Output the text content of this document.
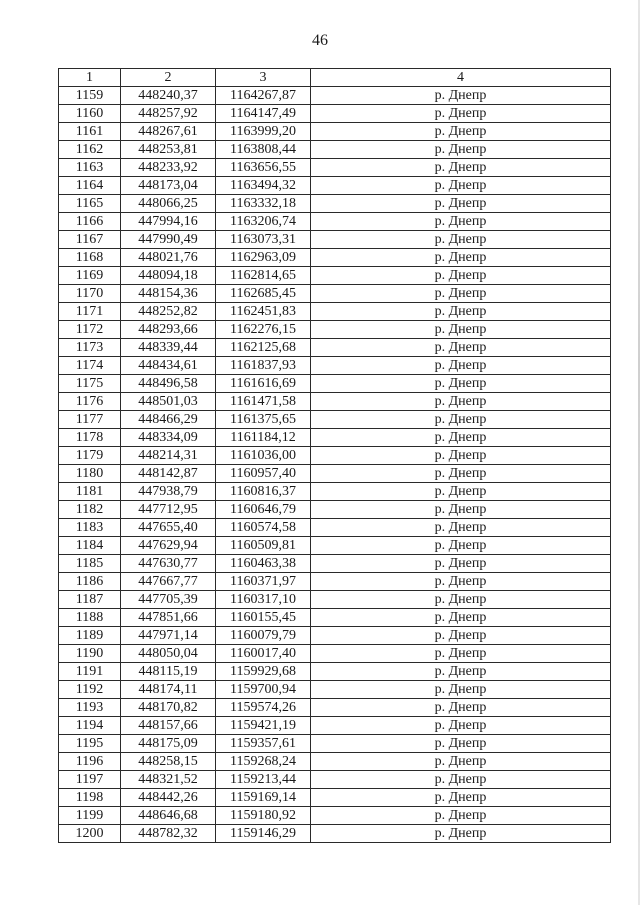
46
1	2	3	4
1159	448240,37	1164267,87	р. Днепр
1160	448257,92	1164147,49	р. Днепр
1161	448267,61	1163999,20	р. Днепр
1162	448253,81	1163808,44	р. Днепр
1163	448233,92	1163656,55	р. Днепр
1164	448173,04	1163494,32	р. Днепр
1165	448066,25	1163332,18	р. Днепр
1166	447994,16	1163206,74	р. Днепр
1167	447990,49	1163073,31	р. Днепр
1168	448021,76	1162963,09	р. Днепр
1169	448094,18	1162814,65	р. Днепр
1170	448154,36	1162685,45	р. Днепр
1171	448252,82	1162451,83	р. Днепр
1172	448293,66	1162276,15	р. Днепр
1173	448339,44	1162125,68	р. Днепр
1174	448434,61	1161837,93	р. Днепр
1175	448496,58	1161616,69	р. Днепр
1176	448501,03	1161471,58	р. Днепр
1177	448466,29	1161375,65	р. Днепр
1178	448334,09	1161184,12	р. Днепр
1179	448214,31	1161036,00	р. Днепр
1180	448142,87	1160957,40	р. Днепр
1181	447938,79	1160816,37	р. Днепр
1182	447712,95	1160646,79	р. Днепр
1183	447655,40	1160574,58	р. Днепр
1184	447629,94	1160509,81	р. Днепр
1185	447630,77	1160463,38	р. Днепр
1186	447667,77	1160371,97	р. Днепр
1187	447705,39	1160317,10	р. Днепр
1188	447851,66	1160155,45	р. Днепр
1189	447971,14	1160079,79	р. Днепр
1190	448050,04	1160017,40	р. Днепр
1191	448115,19	1159929,68	р. Днепр
1192	448174,11	1159700,94	р. Днепр
1193	448170,82	1159574,26	р. Днепр
1194	448157,66	1159421,19	р. Днепр
1195	448175,09	1159357,61	р. Днепр
1196	448258,15	1159268,24	р. Днепр
1197	448321,52	1159213,44	р. Днепр
1198	448442,26	1159169,14	р. Днепр
1199	448646,68	1159180,92	р. Днепр
1200	448782,32	1159146,29	р. Днепр
